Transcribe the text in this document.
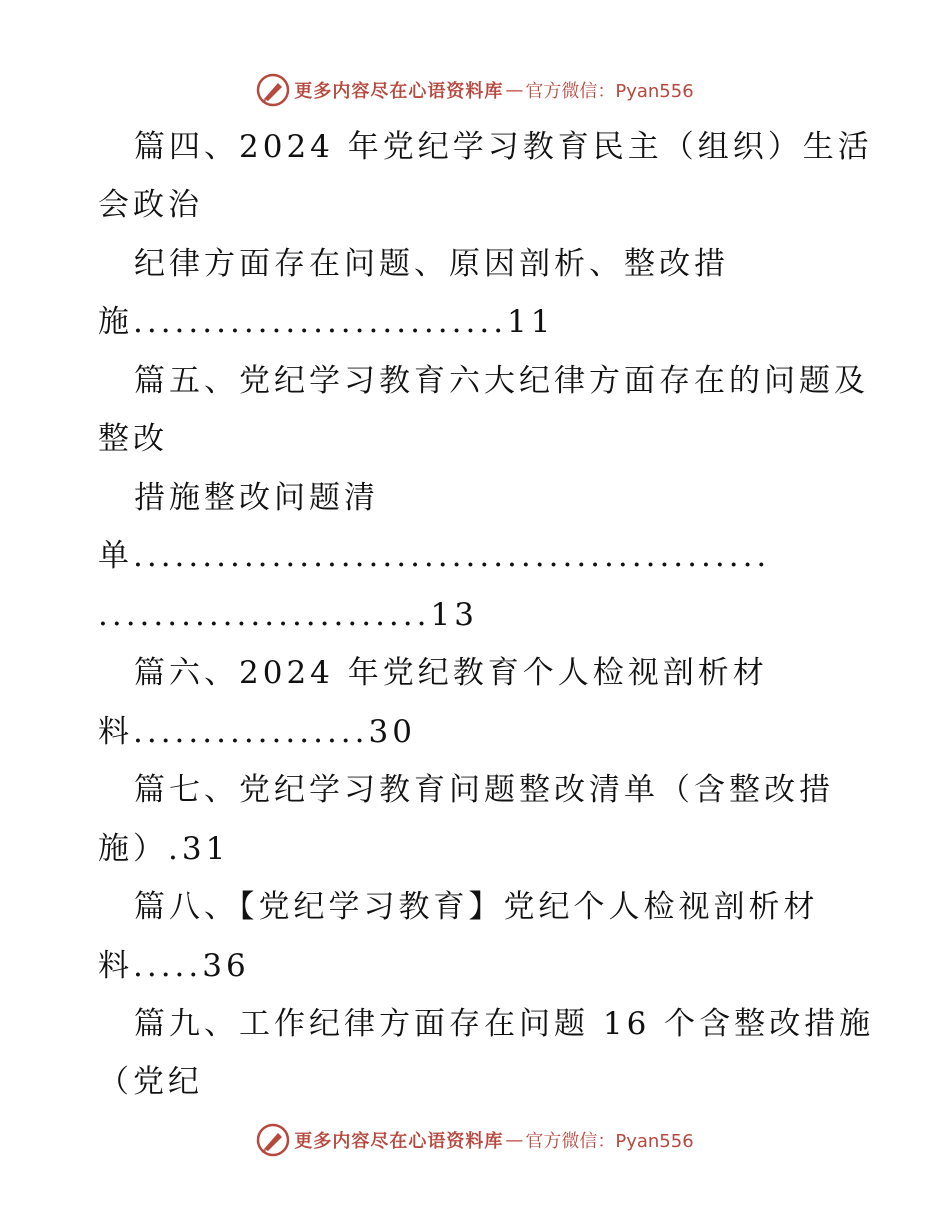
更多内容尽在心语资料库 — 官方微信：Pyan556
篇四、2024 年党纪学习教育民主（组织）生活
会政治
纪律方面存在问题、原因剖析、整改措
施...........................11
篇五、党纪学习教育六大纪律方面存在的问题及
整改
措施整改问题清
单..............................................
........................13
篇六、2024 年党纪教育个人检视剖析材
料.................30
篇七、党纪学习教育问题整改清单（含整改措
施）.31
篇八、【党纪学习教育】党纪个人检视剖析材
料.....36
篇九、工作纪律方面存在问题 16 个含整改措施
（党纪
更多内容尽在心语资料库 — 官方微信：Pyan556
